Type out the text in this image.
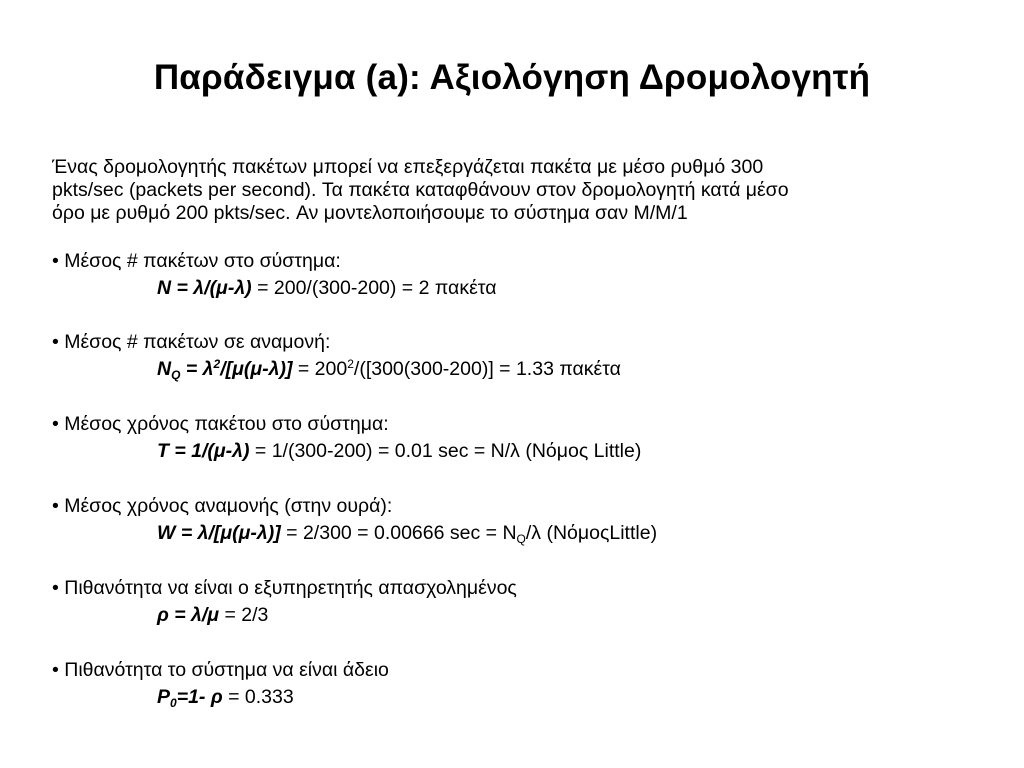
Παράδειγμα (a): Αξιολόγηση Δρομολογητή
Ένας δρομολογητής πακέτων μπορεί να επεξεργάζεται πακέτα με μέσο ρυθμό 300
pkts/sec (packets per second). Τα πακέτα καταφθάνουν στον δρομολογητή κατά μέσο
όρο με ρυθμό 200 pkts/sec. Αν μοντελοποιήσουμε το σύστημα σαν M/M/1
• Μέσος # πακέτων στο σύστημα:
N = λ/(μ-λ) = 200/(300-200) = 2 πακέτα
• Μέσος # πακέτων σε αναμονή:
$N_Q = \lambda^2/[\mu(\mu-\lambda)] = 200^2/([300(300-200)] = 1.33$ πακέτα
• Μέσος χρόνος πακέτου στο σύστημα:
T = 1/(μ-λ) = 1/(300-200) = 0.01 sec = N/λ (Νόμος Little)
• Μέσος χρόνος αναμονής (στην ουρά):
W = λ/[μ(μ-λ)] = 2/300 = 0.00666 $\sec = N_Q/\lambda$ (ΝόμοςLittle)
• Πιθανότητα να είναι ο εξυπηρετητής απασχολημένος
ρ = λ/μ = 2/3
• Πιθανότητα το σύστημα να είναι άδειο
$P_0=1-$ ρ = 0.333
